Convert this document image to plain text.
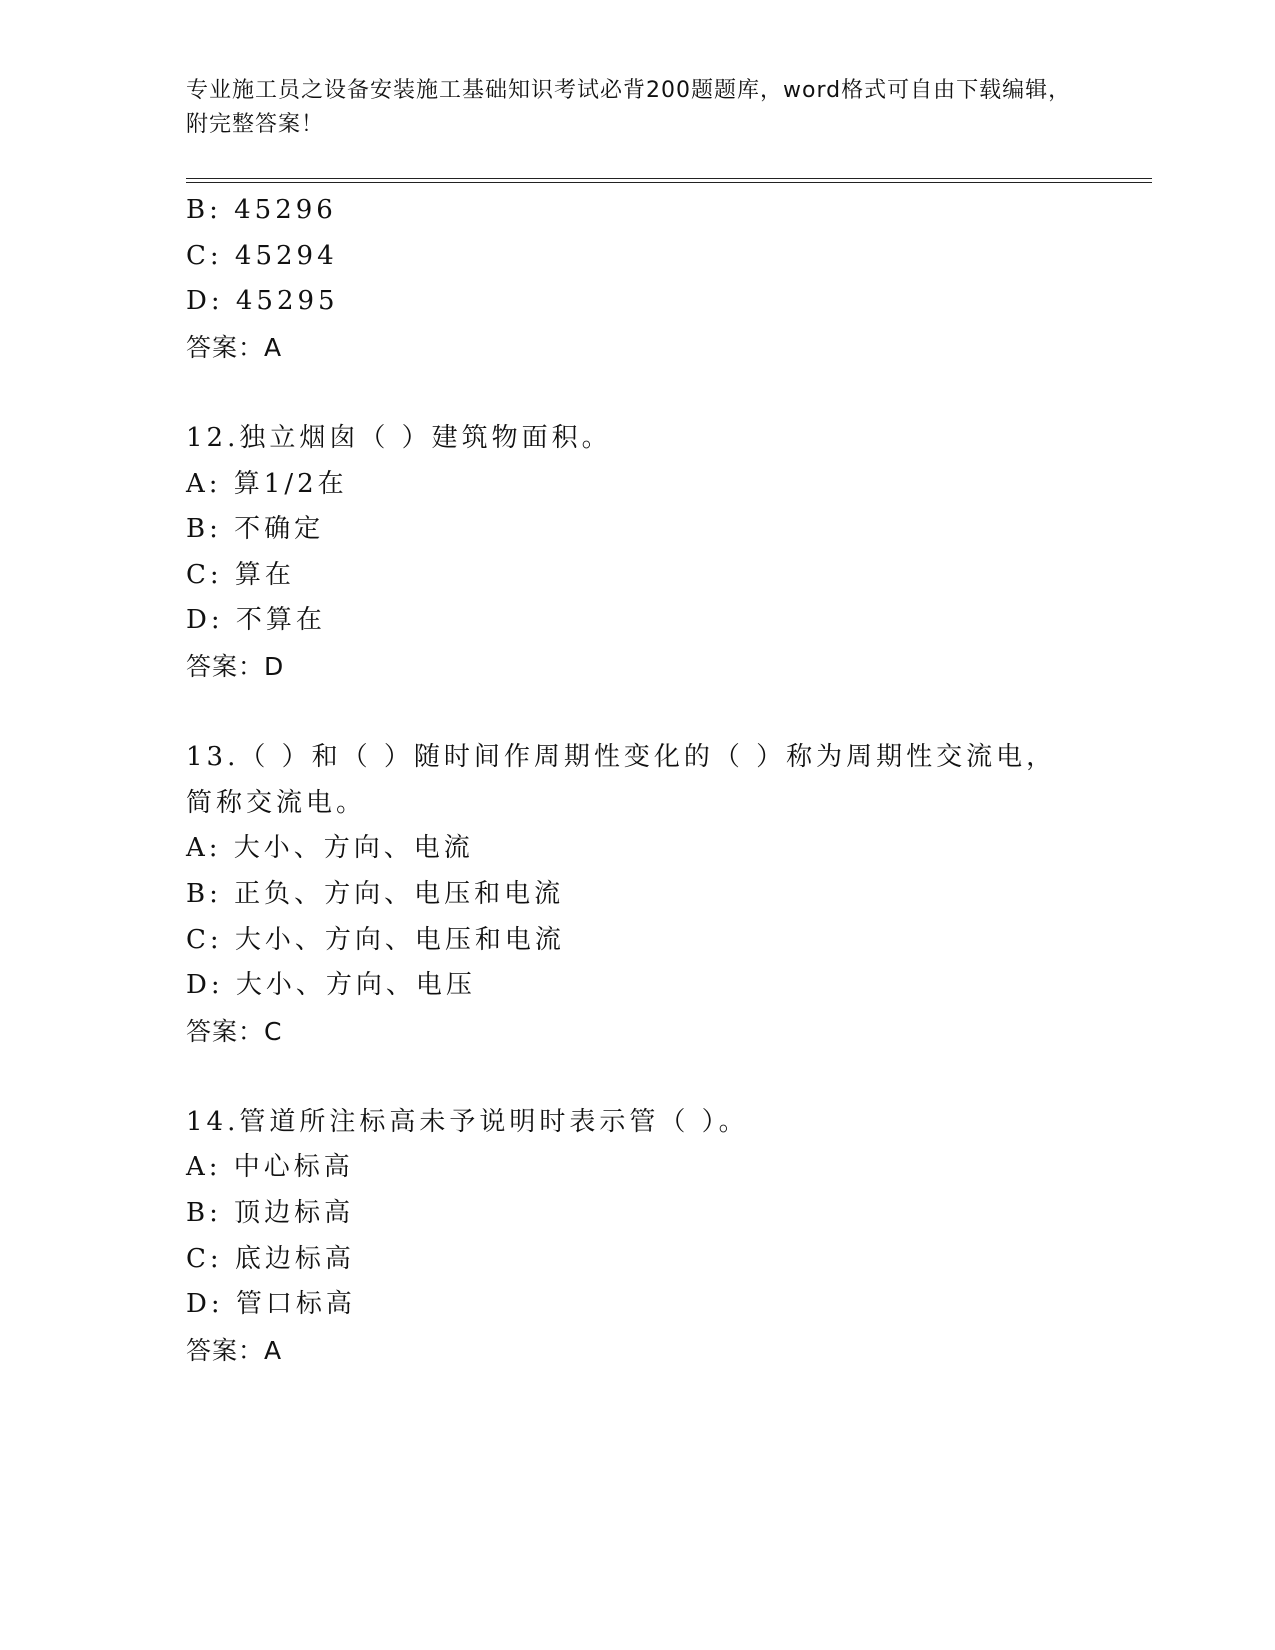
专业施工员之设备安装施工基础知识考试必背200题题库，word格式可自由下载编辑，附完整答案！
B: 45296
C: 45294
D: 45295
答案：A
12.独立烟囱（ ）建筑物面积。
A: 算1/2在
B: 不确定
C: 算在
D: 不算在
答案：D
13.（ ）和（ ）随时间作周期性变化的（ ）称为周期性交流电，简称交流电。
A: 大小、方向、电流
B: 正负、方向、电压和电流
C: 大小、方向、电压和电流
D: 大小、方向、电压
答案：C
14.管道所注标高未予说明时表示管（ ）。
A: 中心标高
B: 顶边标高
C: 底边标高
D: 管口标高
答案：A
